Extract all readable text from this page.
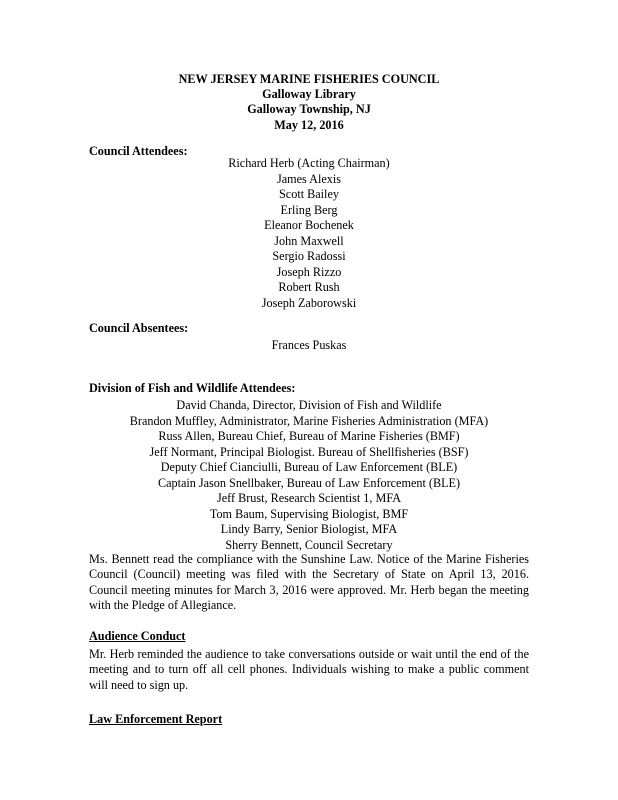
NEW JERSEY MARINE FISHERIES COUNCIL
Galloway Library
Galloway Township, NJ
May 12, 2016
Council Attendees:
Richard Herb (Acting Chairman)
James Alexis
Scott Bailey
Erling Berg
Eleanor Bochenek
John Maxwell
Sergio Radossi
Joseph Rizzo
Robert Rush
Joseph Zaborowski
Council Absentees:
Frances Puskas
Division of Fish and Wildlife Attendees:
David Chanda, Director, Division of Fish and Wildlife
Brandon Muffley, Administrator, Marine Fisheries Administration (MFA)
Russ Allen, Bureau Chief, Bureau of Marine Fisheries (BMF)
Jeff Normant, Principal Biologist. Bureau of Shellfisheries (BSF)
Deputy Chief Cianciulli, Bureau of Law Enforcement (BLE)
Captain Jason Snellbaker, Bureau of Law Enforcement (BLE)
Jeff Brust, Research Scientist 1, MFA
Tom Baum, Supervising Biologist, BMF
Lindy Barry, Senior Biologist, MFA
Sherry Bennett, Council Secretary
Ms. Bennett read the compliance with the Sunshine Law. Notice of the Marine Fisheries Council (Council) meeting was filed with the Secretary of State on April 13, 2016. Council meeting minutes for March 3, 2016 were approved. Mr. Herb began the meeting with the Pledge of Allegiance.
Audience Conduct
Mr. Herb reminded the audience to take conversations outside or wait until the end of the meeting and to turn off all cell phones. Individuals wishing to make a public comment will need to sign up.
Law Enforcement Report
